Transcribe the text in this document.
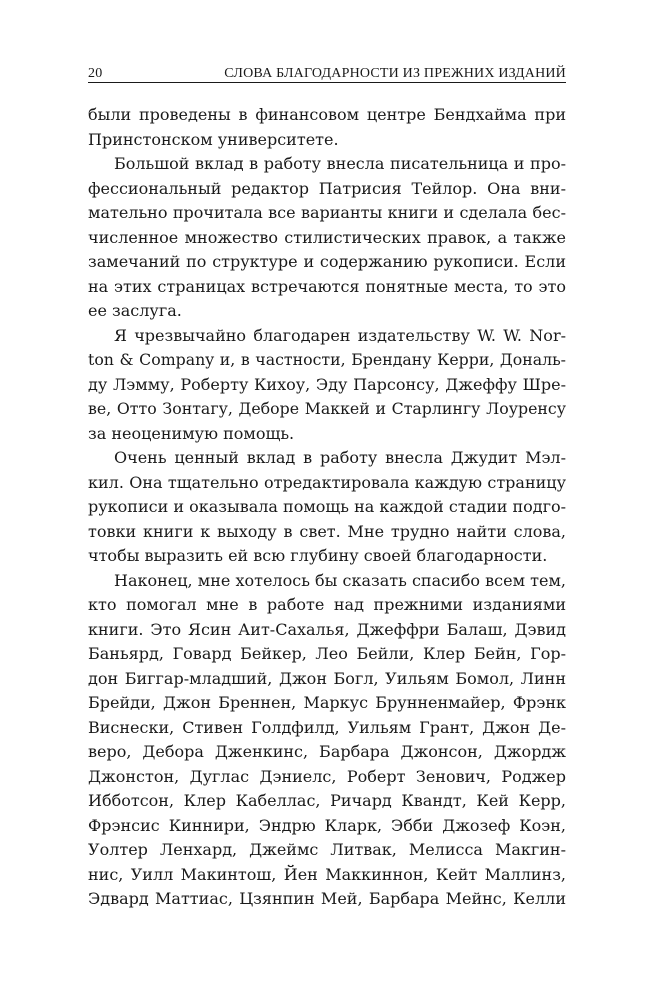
20	СЛОВА БЛАГОДАРНОСТИ ИЗ ПРЕЖНИХ ИЗДАНИЙ
были проведены в финансовом центре Бендхайма при
Принстонском университете.
Большой вклад в работу внесла писательница и про-
фессиональный редактор Патрисия Тейлор. Она вни-
мательно прочитала все варианты книги и сделала бес-
численное множество стилистических правок, а также
замечаний по структуре и содержанию рукописи. Если
на этих страницах встречаются понятные места, то это
ее заслуга.
Я чрезвычайно благодарен издательству W. W. Nor-
ton & Company и, в частности, Брендану Керри, Дональ-
ду Лэмму, Роберту Кихоу, Эду Парсонсу, Джеффу Шре-
ве, Отто Зонтагу, Деборе Маккей и Старлингу Лоуренсу
за неоценимую помощь.
Очень ценный вклад в работу внесла Джудит Мэл-
кил. Она тщательно отредактировала каждую страницу
рукописи и оказывала помощь на каждой стадии подго-
товки книги к выходу в свет. Мне трудно найти слова,
чтобы выразить ей всю глубину своей благодарности.
Наконец, мне хотелось бы сказать спасибо всем тем,
кто помогал мне в работе над прежними изданиями
книги. Это Ясин Аит-Сахалья, Джеффри Балаш, Дэвид
Баньярд, Говард Бейкер, Лео Бейли, Клер Бейн, Гор-
дон Биггар-младший, Джон Богл, Уильям Бомол, Линн
Брейди, Джон Бреннен, Маркус Брунненмайер, Фрэнк
Виснески, Стивен Голдфилд, Уильям Грант, Джон Де-
веро, Дебора Дженкинс, Барбара Джонсон, Джордж
Джонстон, Дуглас Дэниелс, Роберт Зенович, Роджер
Ибботсон, Клер Кабеллас, Ричард Квандт, Кей Керр,
Фрэнсис Киннири, Эндрю Кларк, Эбби Джозеф Коэн,
Уолтер Ленхард, Джеймс Литвак, Мелисса Макгин-
нис, Уилл Макинтош, Йен Маккиннон, Кейт Маллинз,
Эдвард Маттиас, Цзянпин Мей, Барбара Мейнс, Келли
